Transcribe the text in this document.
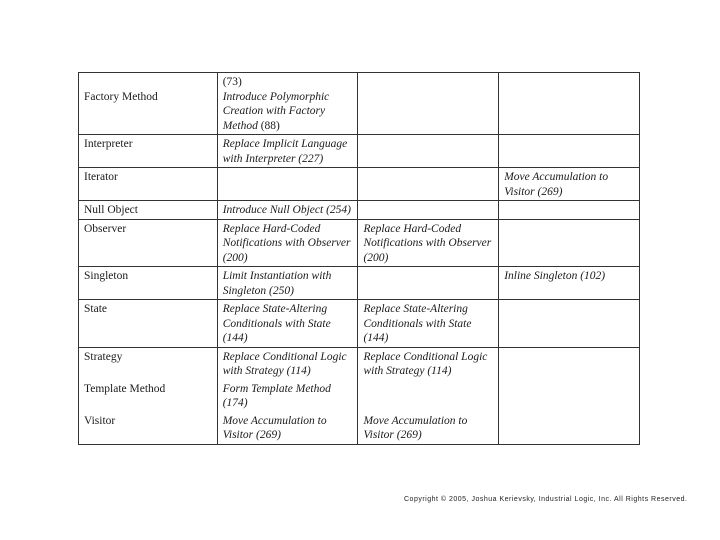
Factory Method	(73)
Introduce Polymorphic Creation with Factory Method (88)		
Interpreter	Replace Implicit Language with Interpreter (227)		
Iterator			Move Accumulation to Visitor (269)
Null Object	Introduce Null Object (254)		
Observer	Replace Hard-Coded Notifications with Observer (200)	Replace Hard-Coded Notifications with Observer (200)	
Singleton	Limit Instantiation with Singleton (250)		Inline Singleton (102)
State	Replace State-Altering Conditionals with State (144)	Replace State-Altering Conditionals with State (144)	
Strategy	Replace Conditional Logic with Strategy (114)	Replace Conditional Logic with Strategy (114)	
Template Method	Form Template Method (174)		
Visitor	Move Accumulation to Visitor (269)	Move Accumulation to Visitor (269)	
Copyright © 2005, Joshua Kerievsky, Industrial Logic, Inc. All Rights Reserved.
